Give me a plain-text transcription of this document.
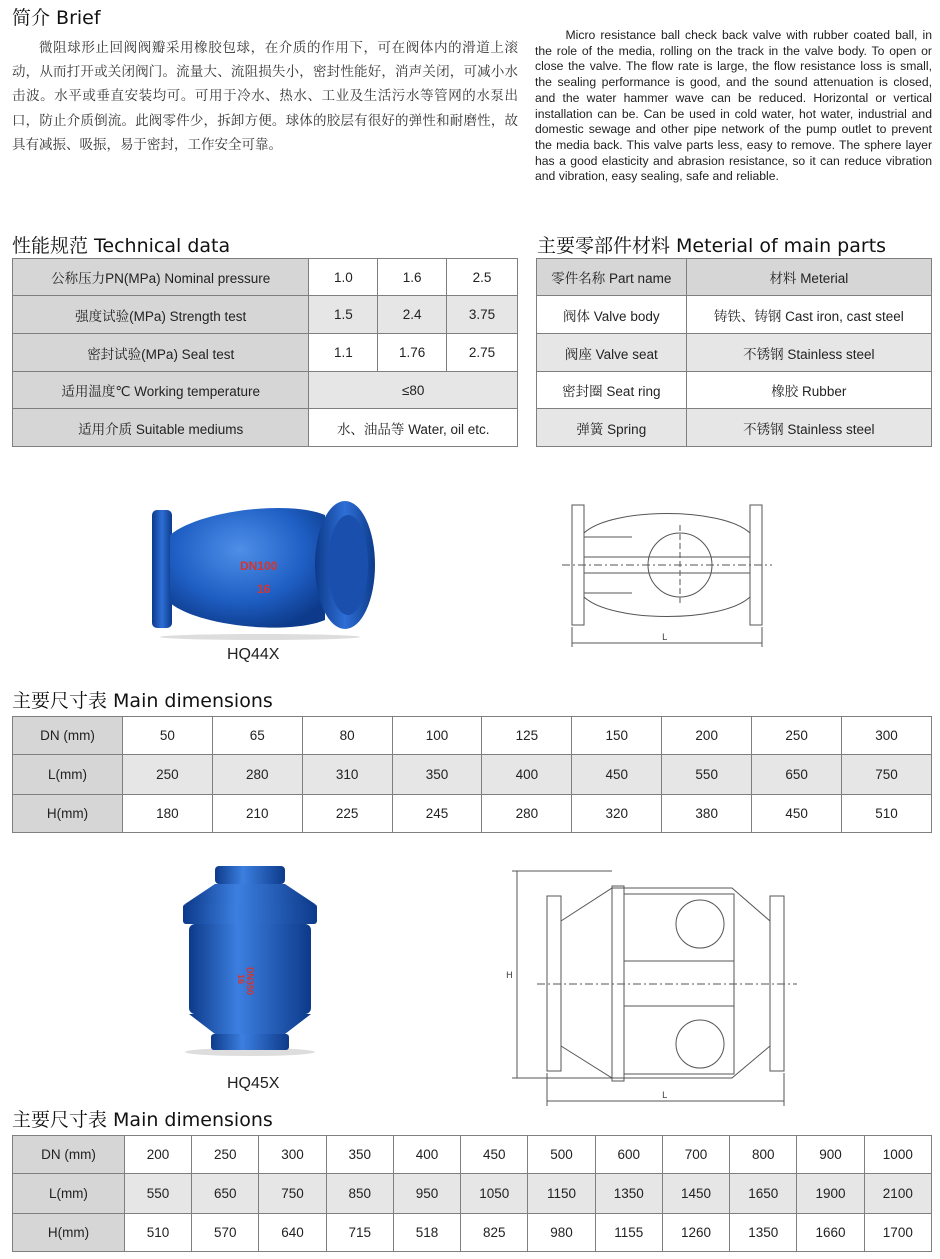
简介 Brief
微阻球形止回阀阀瓣采用橡胶包球，在介质的作用下，可在阀体内的滑道上滚动，从而打开或关闭阀门。流量大、流阻损失小，密封性能好，消声关闭，可减小水击波。水平或垂直安装均可。可用于冷水、热水、工业及生活污水等管网的水泵出口，防止介质倒流。此阀零件少，拆卸方便。球体的胶层有很好的弹性和耐磨性，故具有减振、吸振，易于密封，工作安全可靠。
Micro resistance ball check back valve with rubber coated ball, in the role of the media, rolling on the track in the valve body. To open or close the valve. The flow rate is large, the flow resistance loss is small, the sealing performance is good, and the sound attenuation is closed, and the water hammer wave can be reduced. Horizontal or vertical installation can be. Can be used in cold water, hot water, industrial and domestic sewage and other pipe network of the pump outlet to prevent the media back. This valve parts less, easy to remove. The sphere layer has a good elasticity and abrasion resistance, so it can reduce vibration and vibration, easy sealing, safe and reliable.
性能规范 Technical data
公称压力PN(MPa) Nominal pressure	1.0	1.6	2.5
强度试验(MPa) Strength test	1.5	2.4	3.75
密封试验(MPa) Seal test	1.1	1.76	2.75
适用温度℃ Working temperature	≤80		
适用介质 Suitable mediums	水、油品等 Water, oil etc.		
主要零部件材料 Meterial of main parts
零件名称 Part name	材料 Meterial
阀体 Valve body	铸铁、铸钢 Cast iron, cast steel
阀座 Valve seat	不锈钢 Stainless steel
密封圈 Seat ring	橡胶 Rubber
弹簧 Spring	不锈钢 Stainless steel
DN100
16
HQ44X
L
主要尺寸表 Main dimensions
DN (mm)	50	65	80	100	125	150	200	250	300
L(mm)	250	280	310	350	400	450	550	650	750
H(mm)	180	210	225	245	280	320	380	450	510
DN350
16
HQ45X
H
L
主要尺寸表 Main dimensions
DN (mm)	200	250	300	350	400	450	500	600	700	800	900	1000
L(mm)	550	650	750	850	950	1050	1150	1350	1450	1650	1900	2100
H(mm)	510	570	640	715	518	825	980	1155	1260	1350	1660	1700
